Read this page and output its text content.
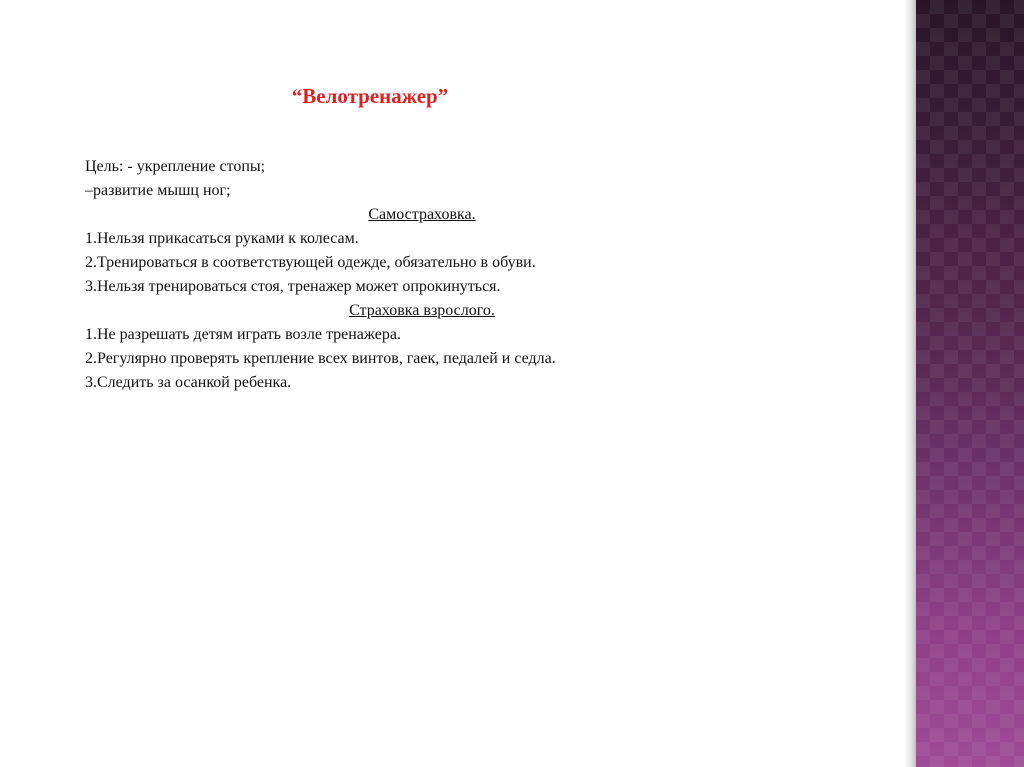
“Велотренажер”
Цель: - укрепление стопы;
–развитие мышц ног;
Самостраховка.
1.Нельзя прикасаться руками к колесам.
2.Тренироваться в соответствующей одежде, обязательно в обуви.
3.Нельзя тренироваться стоя, тренажер может опрокинуться.
Страховка взрослого.
1.Не разрешать детям играть возле тренажера.
2.Регулярно проверять крепление всех винтов, гаек, педалей и седла.
3.Следить за осанкой ребенка.
